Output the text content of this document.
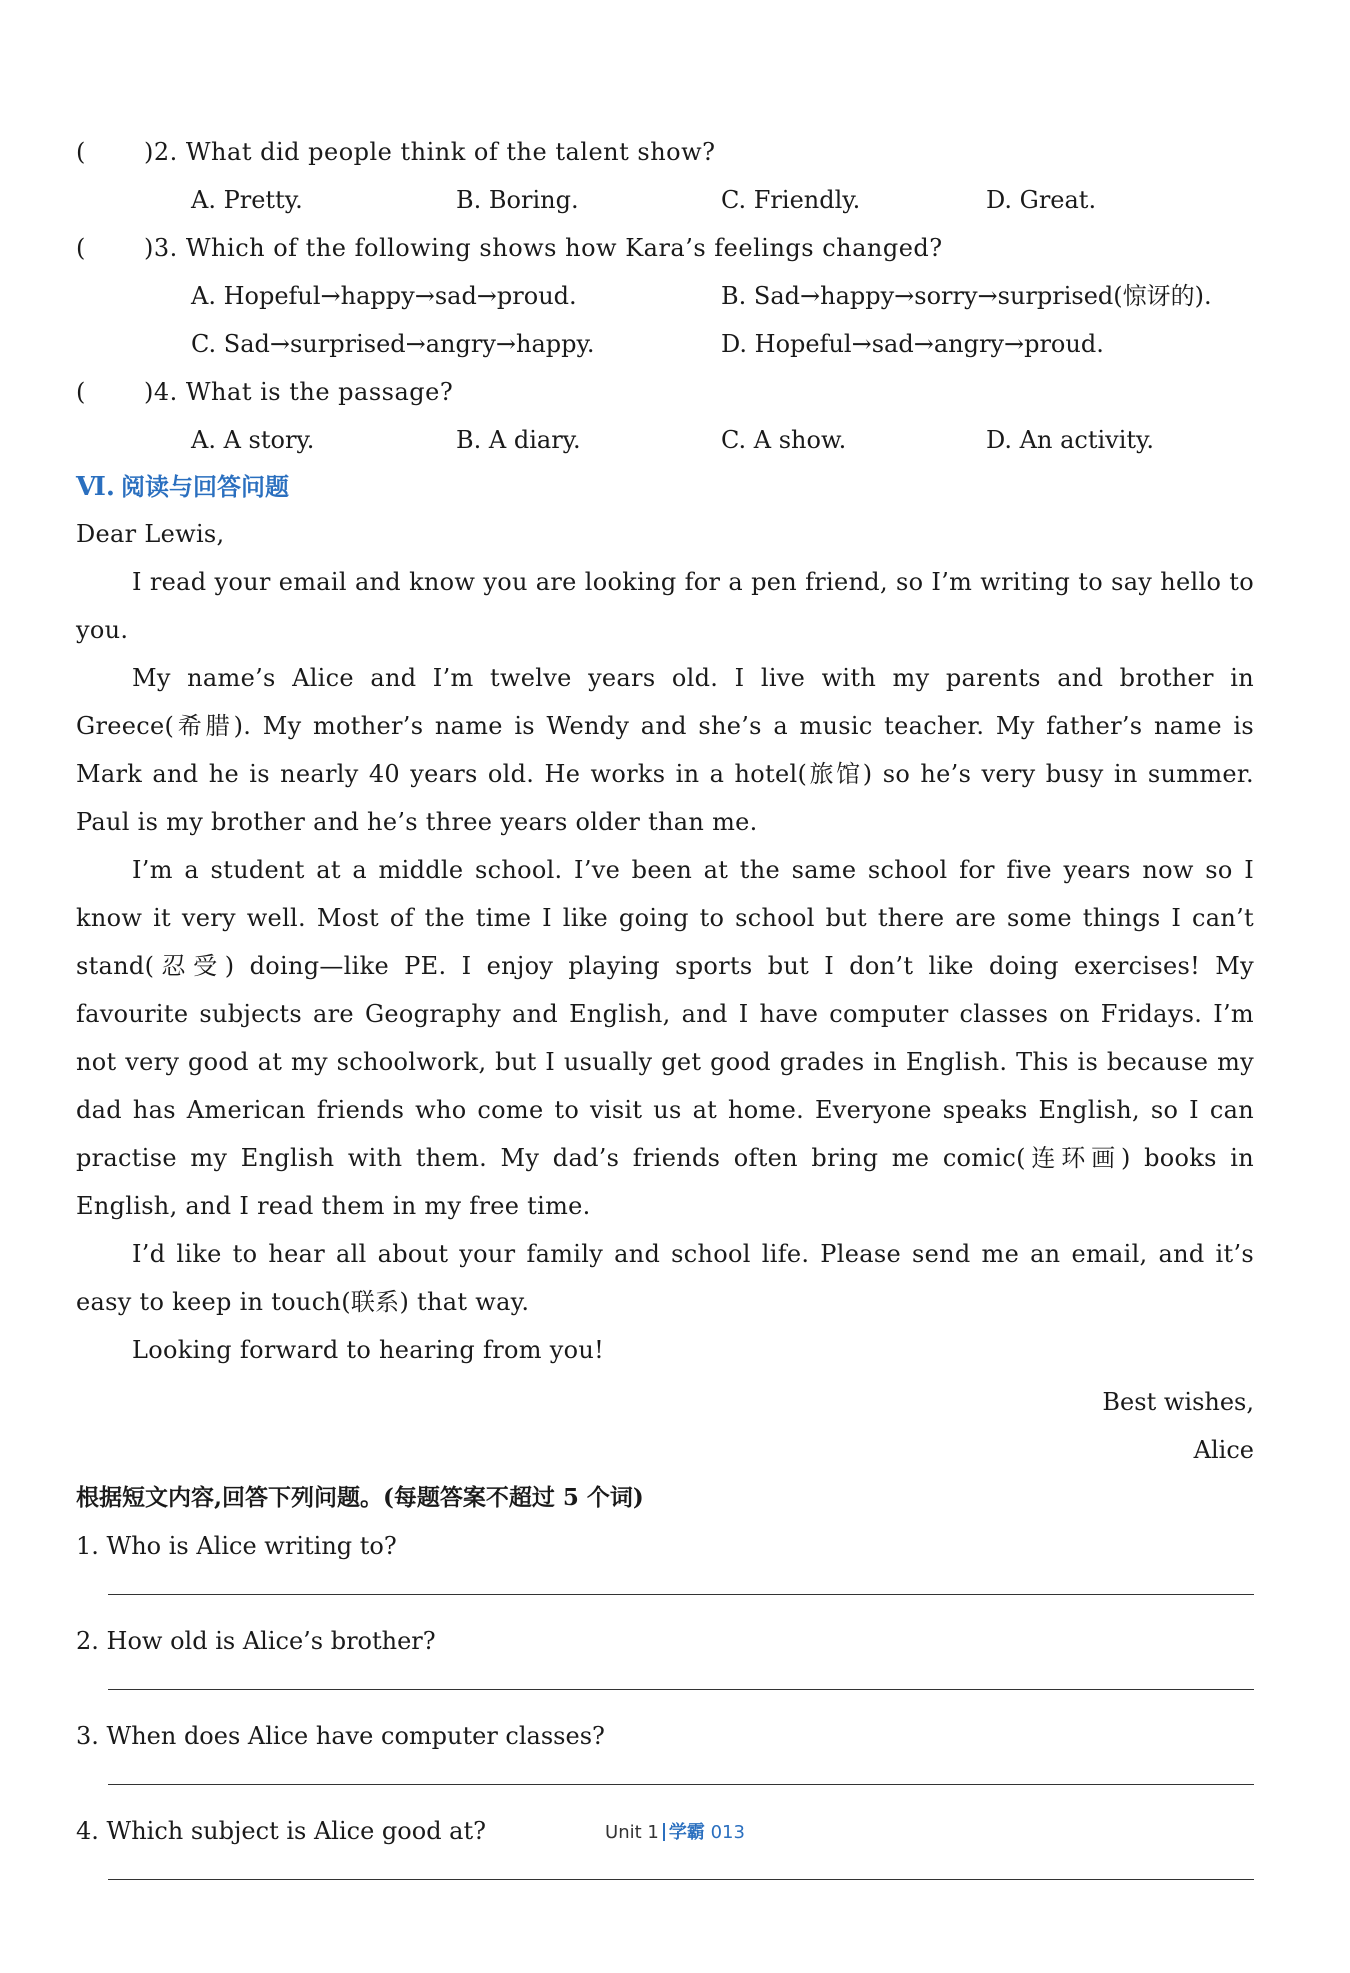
( )2. What did people think of the talent show?
A. Pretty.	B. Boring.	C. Friendly.	D. Great.
( )3. Which of the following shows how Kara’s feelings changed?
A. Hopeful→happy→sad→proud.	B. Sad→happy→sorry→surprised(惊讶的).
C. Sad→surprised→angry→happy.	D. Hopeful→sad→angry→proud.
( )4. What is the passage?
A. A story.	B. A diary.	C. A show.	D. An activity.
Ⅵ. 阅读与回答问题
Dear Lewis,
I read your email and know you are looking for a pen friend, so I’m writing to say hello to you.
My name’s Alice and I’m twelve years old. I live with my parents and brother in Greece(希腊). My mother’s name is Wendy and she’s a music teacher. My father’s name is Mark and he is nearly 40 years old. He works in a hotel(旅馆) so he’s very busy in summer. Paul is my brother and he’s three years older than me.
I’m a student at a middle school. I’ve been at the same school for five years now so I know it very well. Most of the time I like going to school but there are some things I can’t stand(忍受) doing—like PE. I enjoy playing sports but I don’t like doing exercises! My favourite subjects are Geography and English, and I have computer classes on Fridays. I’m not very good at my schoolwork, but I usually get good grades in English. This is because my dad has American friends who come to visit us at home. Everyone speaks English, so I can practise my English with them. My dad’s friends often bring me comic(连环画) books in English, and I read them in my free time.
I’d like to hear all about your family and school life. Please send me an email, and it’s easy to keep in touch(联系) that way.
Looking forward to hearing from you!
Best wishes,
Alice
根据短文内容,回答下列问题。(每题答案不超过 5 个词)
1. Who is Alice writing to?
2. How old is Alice’s brother?
3. When does Alice have computer classes?
4. Which subject is Alice good at?	Unit 1 学霸 013
